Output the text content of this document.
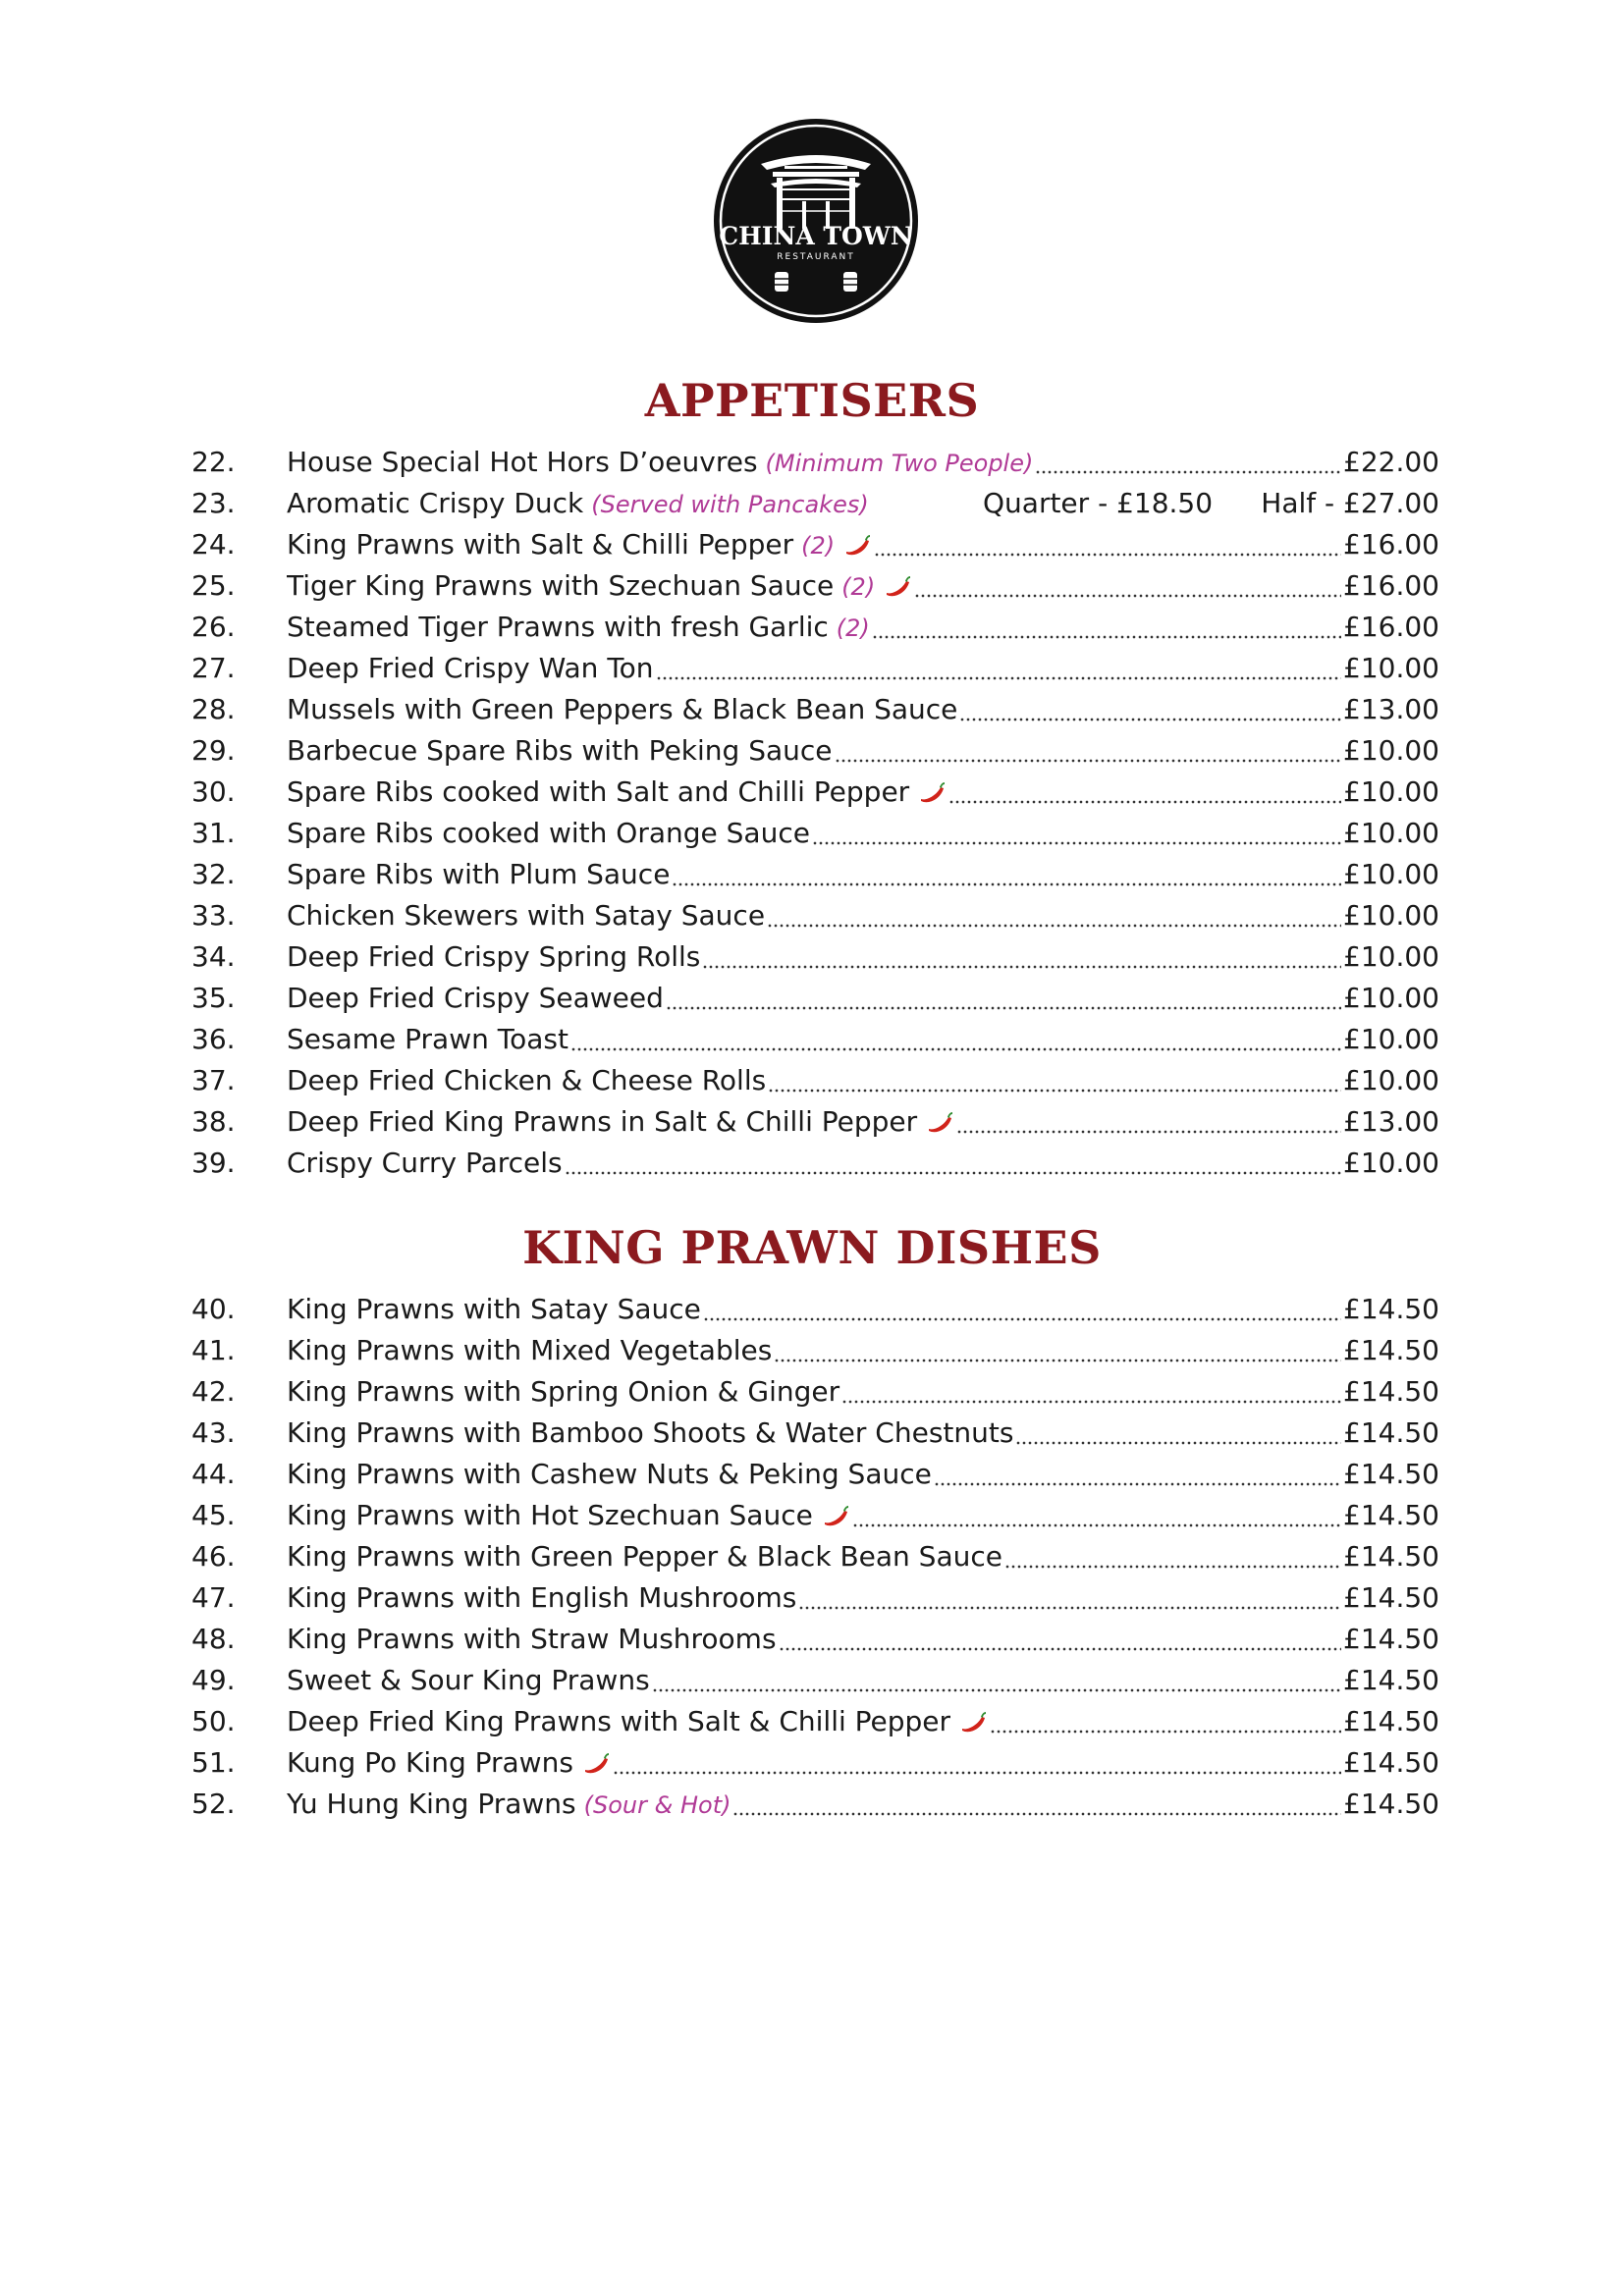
CHINA TOWN
RESTAURANT
APPETISERS
22. House Special Hot Hors D’oeuvres (Minimum Two People)	£22.00
23. Aromatic Crispy Duck (Served with Pancakes)	Quarter - £18.50 Half - £27.00
24. King Prawns with Salt & Chilli Pepper (2)	£16.00
25. Tiger King Prawns with Szechuan Sauce (2)	£16.00
26. Steamed Tiger Prawns with fresh Garlic (2)	£16.00
27. Deep Fried Crispy Wan Ton	£10.00
28. Mussels with Green Peppers & Black Bean Sauce	£13.00
29. Barbecue Spare Ribs with Peking Sauce	£10.00
30. Spare Ribs cooked with Salt and Chilli Pepper	£10.00
31. Spare Ribs cooked with Orange Sauce	£10.00
32. Spare Ribs with Plum Sauce	£10.00
33. Chicken Skewers with Satay Sauce	£10.00
34. Deep Fried Crispy Spring Rolls	£10.00
35. Deep Fried Crispy Seaweed	£10.00
36. Sesame Prawn Toast	£10.00
37. Deep Fried Chicken & Cheese Rolls	£10.00
38. Deep Fried King Prawns in Salt & Chilli Pepper	£13.00
39. Crispy Curry Parcels	£10.00
KING PRAWN DISHES
40. King Prawns with Satay Sauce	£14.50
41. King Prawns with Mixed Vegetables	£14.50
42. King Prawns with Spring Onion & Ginger	£14.50
43. King Prawns with Bamboo Shoots & Water Chestnuts	£14.50
44. King Prawns with Cashew Nuts & Peking Sauce	£14.50
45. King Prawns with Hot Szechuan Sauce	£14.50
46. King Prawns with Green Pepper & Black Bean Sauce	£14.50
47. King Prawns with English Mushrooms	£14.50
48. King Prawns with Straw Mushrooms	£14.50
49. Sweet & Sour King Prawns	£14.50
50. Deep Fried King Prawns with Salt & Chilli Pepper	£14.50
51. Kung Po King Prawns	£14.50
52. Yu Hung King Prawns (Sour & Hot)	£14.50
